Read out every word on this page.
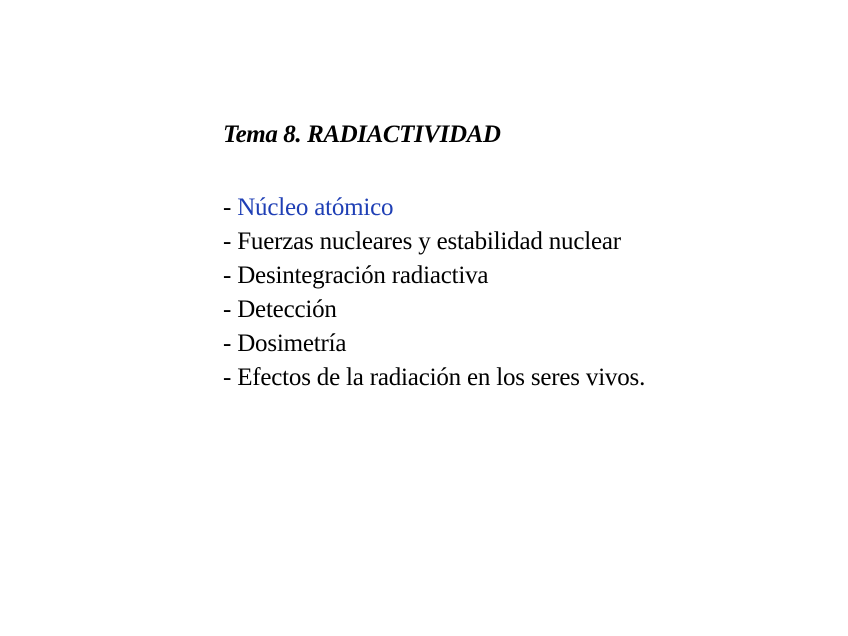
Tema 8. RADIACTIVIDAD
- Núcleo atómico
- Fuerzas nucleares y estabilidad nuclear
- Desintegración radiactiva
- Detección
- Dosimetría
- Efectos de la radiación en los seres vivos.
